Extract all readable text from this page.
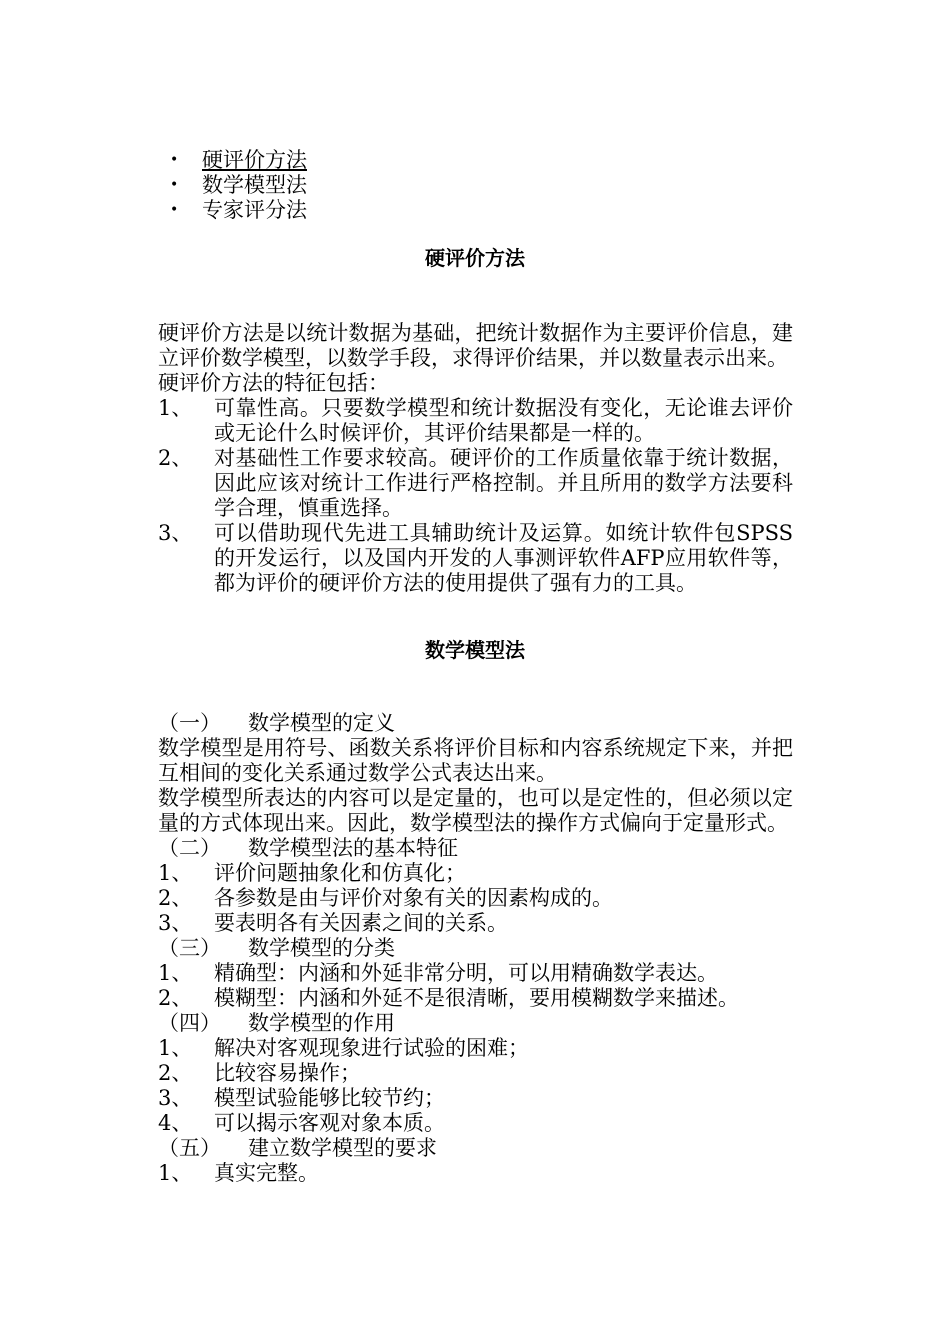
• 硬评价方法
• 数学模型法
• 专家评分法
硬评价方法

硬评价方法是以统计数据为基础，把统计数据作为主要评价信息，建立评价数学模型，以数学手段，求得评价结果，并以数量表示出来。

硬评价方法的特征包括：

1、	可靠性高。只要数学模型和统计数据没有变化，无论谁去评价或无论什么时候评价，其评价结果都是一样的。
2、	对基础性工作要求较高。硬评价的工作质量依靠于统计数据，因此应该对统计工作进行严格控制。并且所用的数学方法要科学合理，慎重选择。
3、	可以借助现代先进工具辅助统计及运算。如统计软件包SPSS的开发运行，以及国内开发的人事测评软件AFP应用软件等，都为评价的硬评价方法的使用提供了强有力的工具。
数学模型法
（一）	数学模型的定义

数学模型是用符号、函数关系将评价目标和内容系统规定下来，并把互相间的变化关系通过数学公式表达出来。

数学模型所表达的内容可以是定量的，也可以是定性的，但必须以定量的方式体现出来。因此，数学模型法的操作方式偏向于定量形式。

（二）	数学模型法的基本特征
1、	评价问题抽象化和仿真化；
2、	各参数是由与评价对象有关的因素构成的。
3、	要表明各有关因素之间的关系。
（三）	数学模型的分类
1、	精确型：内涵和外延非常分明，可以用精确数学表达。
2、	模糊型：内涵和外延不是很清晰，要用模糊数学来描述。
（四）	数学模型的作用
1、	解决对客观现象进行试验的困难；
2、	比较容易操作；
3、	模型试验能够比较节约；
4、	可以揭示客观对象本质。
（五）	建立数学模型的要求
1、	真实完整。
